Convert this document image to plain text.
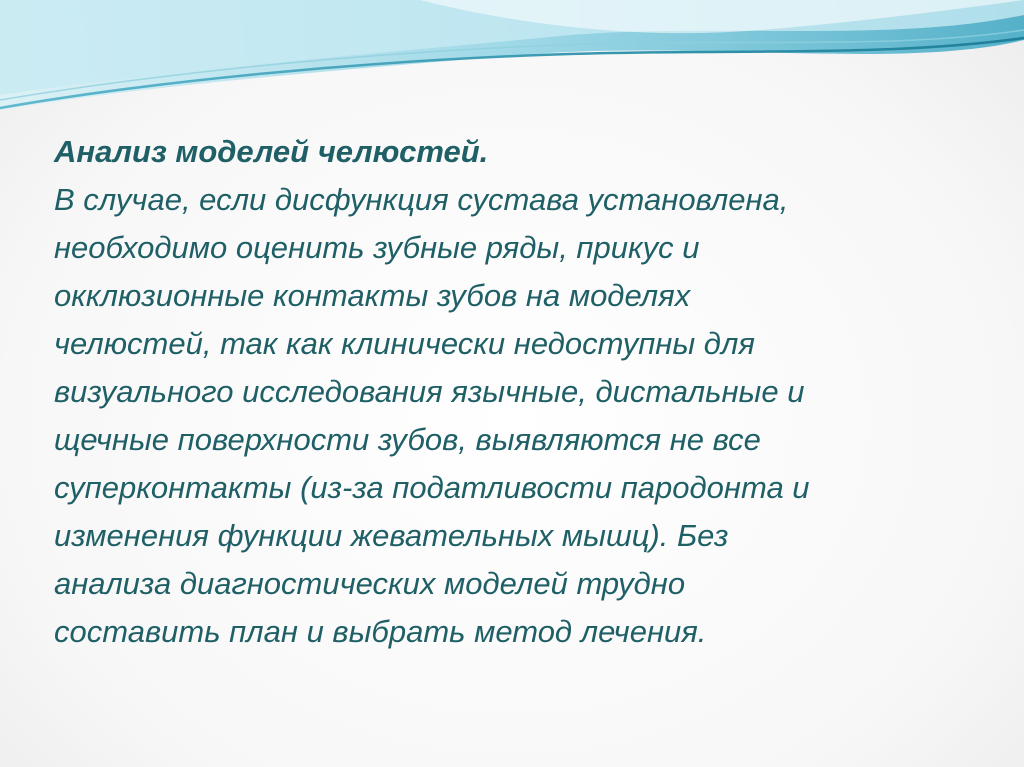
Анализ моделей челюстей.
В случае, если дисфункция сустава установлена,
необходимо оценить зубные ряды, прикус и
окклюзионные контакты зубов на моделях
челюстей, так как клинически недоступны для
визуального исследования язычные, дистальные и
щечные поверхности зубов, выявляются не все
суперконтакты (из-за податливости пародонта и
изменения функции жевательных мышц). Без
анализа диагностических моделей трудно
составить план и выбрать метод лечения.
